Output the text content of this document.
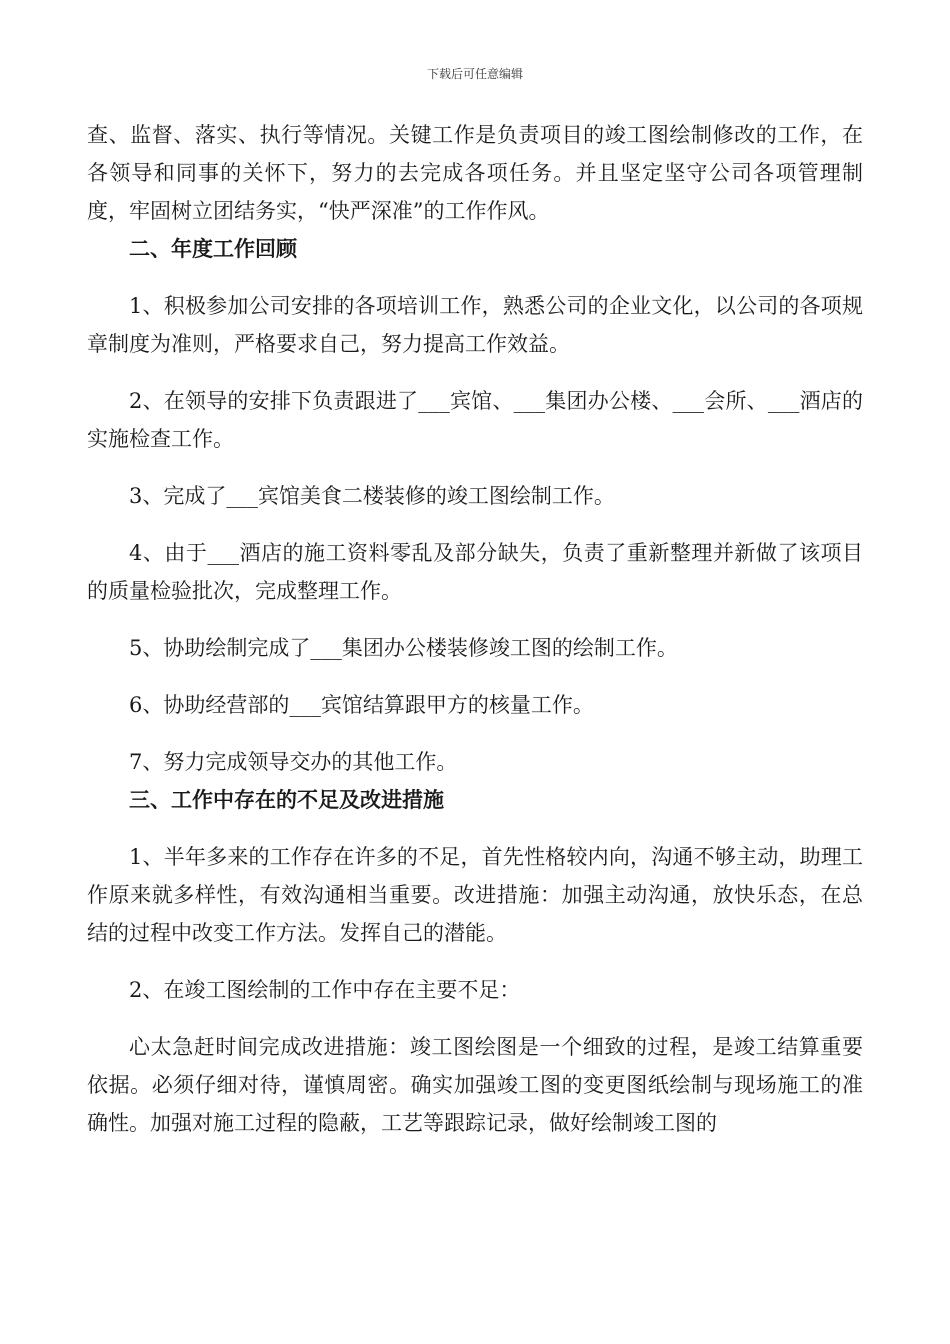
下载后可任意编辑

查、监督、落实、执行等情况。关键工作是负责项目的竣工图绘制修改的工作，在各领导和同事的关怀下，努力的去完成各项任务。并且坚定坚守公司各项管理制度，牢固树立团结务实，“快严深准”的工作作风。

二、年度工作回顾

1、积极参加公司安排的各项培训工作，熟悉公司的企业文化，以公司的各项规章制度为准则，严格要求自己，努力提高工作效益。

2、在领导的安排下负责跟进了___宾馆、___集团办公楼、___会所、___酒店的实施检查工作。

3、完成了___宾馆美食二楼装修的竣工图绘制工作。

4、由于___酒店的施工资料零乱及部分缺失，负责了重新整理并新做了该项目的质量检验批次，完成整理工作。

5、协助绘制完成了___集团办公楼装修竣工图的绘制工作。

6、协助经营部的___宾馆结算跟甲方的核量工作。

7、努力完成领导交办的其他工作。

三、工作中存在的不足及改进措施

1、半年多来的工作存在许多的不足，首先性格较内向，沟通不够主动，助理工作原来就多样性，有效沟通相当重要。改进措施：加强主动沟通，放快乐态，在总结的过程中改变工作方法。发挥自己的潜能。

2、在竣工图绘制的工作中存在主要不足：

心太急赶时间完成改进措施：竣工图绘图是一个细致的过程，是竣工结算重要依据。必须仔细对待，谨慎周密。确实加强竣工图的变更图纸绘制与现场施工的准确性。加强对施工过程的隐蔽，工艺等跟踪记录，做好绘制竣工图的
